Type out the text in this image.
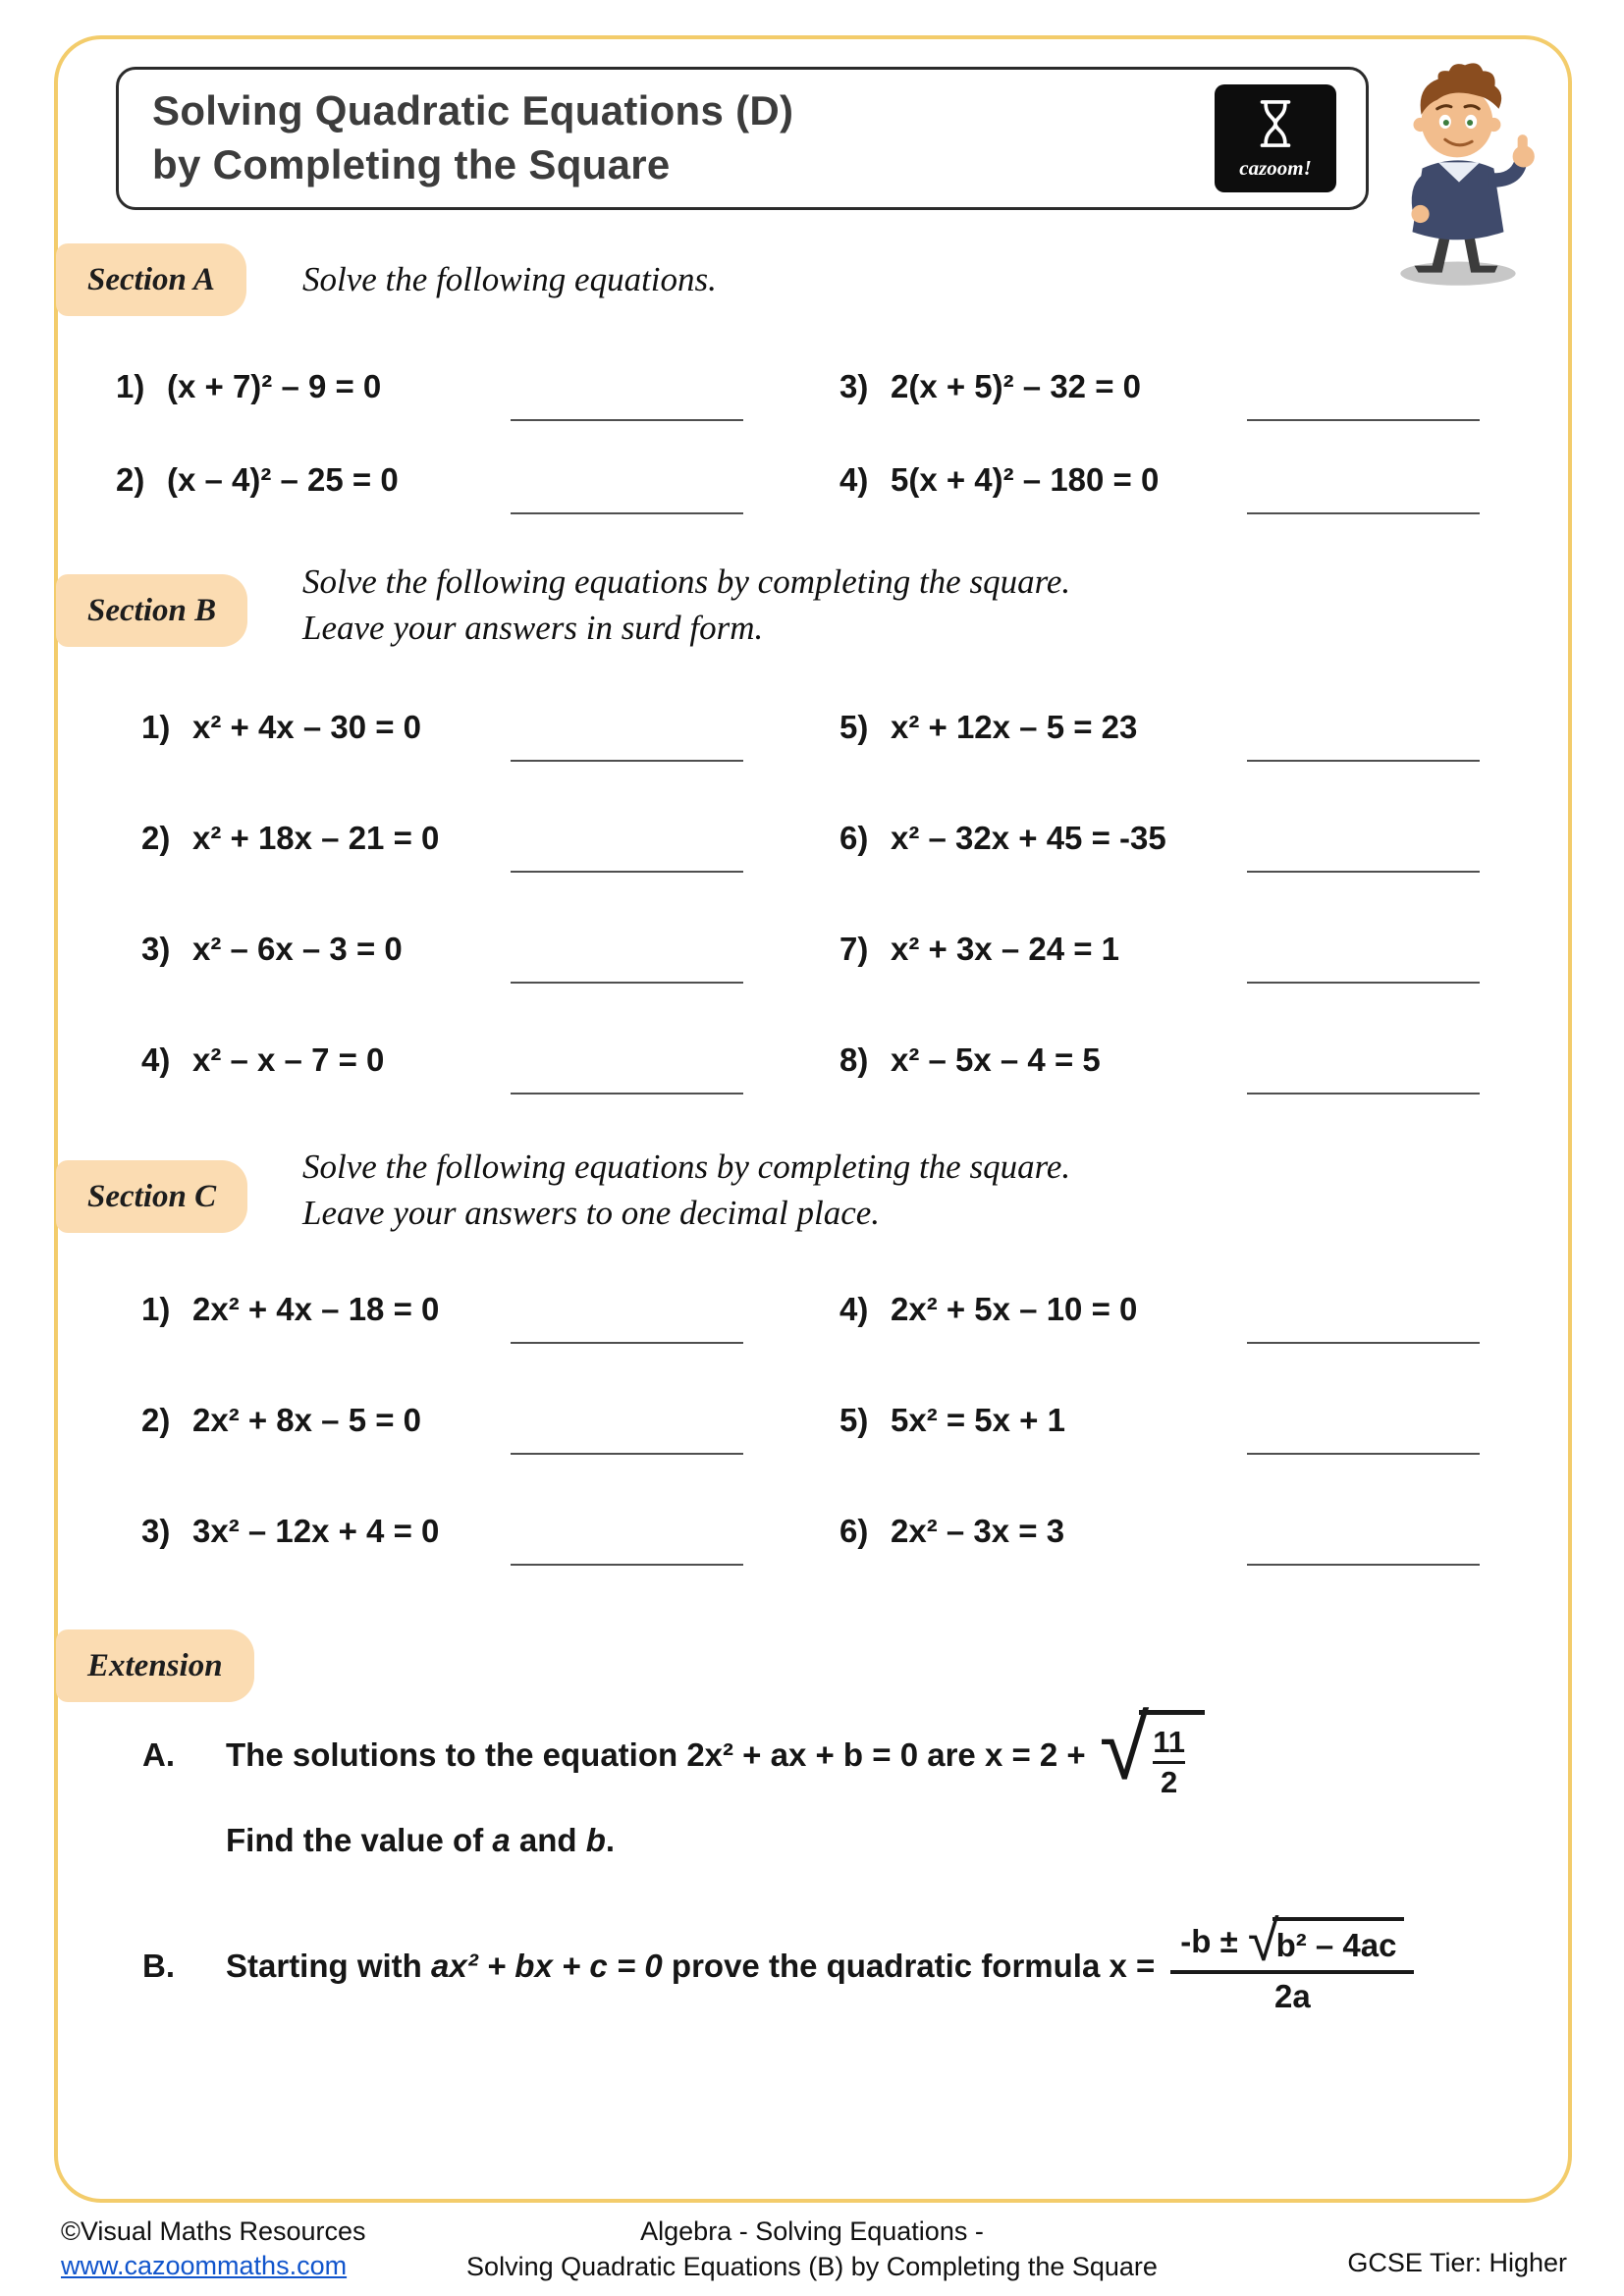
Solving Quadratic Equations (D)
by Completing the Square	cazoom!
Section A	Solve the following equations.
1) (x + 7)² – 9 = 0	3) 2(x + 5)² – 32 = 0
2) (x – 4)² – 25 = 0	4) 5(x + 4)² – 180 = 0
Section B
Solve the following equations by completing the square.
Leave your answers in surd form.
1) x² + 4x – 30 = 0	5) x² + 12x – 5 = 23
2) x² + 18x – 21 = 0	6) x² – 32x + 45 = -35
3) x² – 6x – 3 = 0	7) x² + 3x – 24 = 1
4) x² – x – 7 = 0	8) x² – 5x – 4 = 5
Section C
Solve the following equations by completing the square.
Leave your answers to one decimal place.
1) 2x² + 4x – 18 = 0	4) 2x² + 5x – 10 = 0
2) 2x² + 8x – 5 = 0	5) 5x² = 5x + 1
3) 3x² – 12x + 4 = 0	6) 2x² – 3x = 3
Extension
A.	The solutions to the equation 2x² + ax + b = 0 are x = 2 + √
$\frac{11}{2}$
Find the value of a and b.
B.	Starting with ax² + bx + c = 0 prove the quadratic formula x = -b ± √
b² – 4ac
2a
©Visual Maths Resources
www.cazoommaths.com
Algebra - Solving Equations -
Solving Quadratic Equations (B) by Completing the Square	GCSE Tier: Higher
